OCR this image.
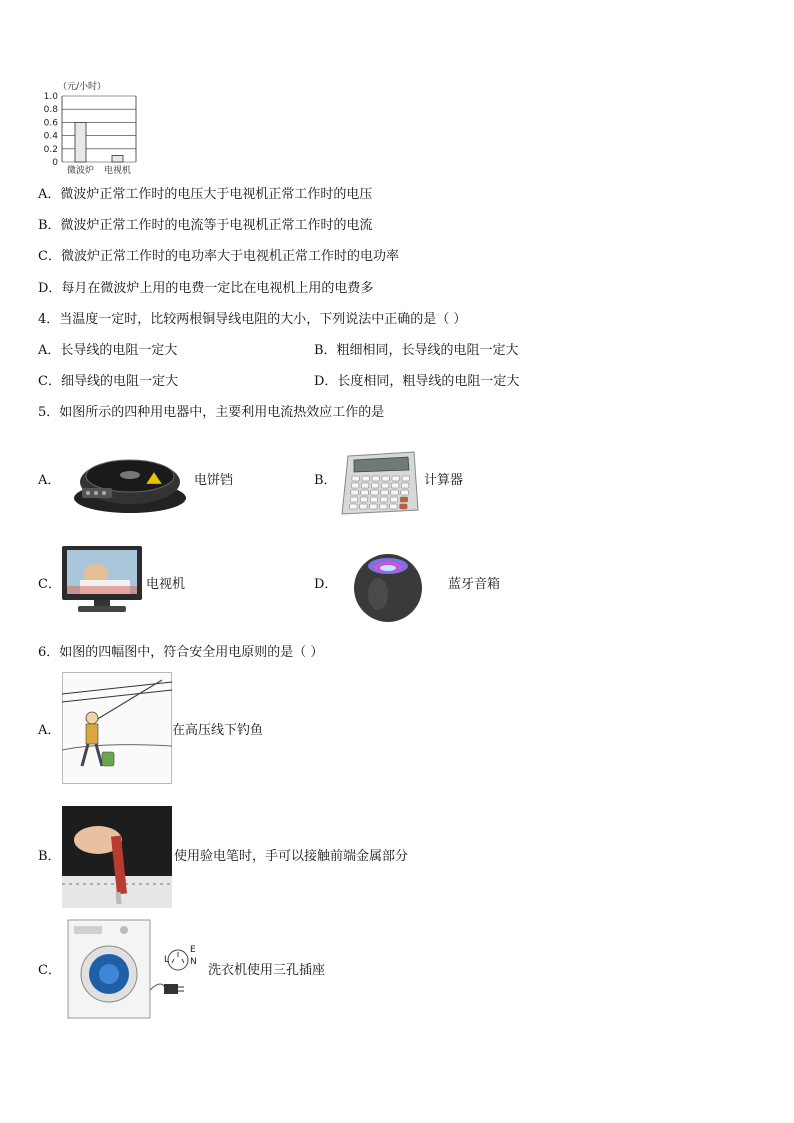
（元/小时）
0
0.2
0.4
0.6
0.8
1.0
微波炉 电视机
A．微波炉正常工作时的电压大于电视机正常工作时的电压
B．微波炉正常工作时的电流等于电视机正常工作时的电流
C．微波炉正常工作时的电功率大于电视机正常工作时的电功率
D．每月在微波炉上用的电费一定比在电视机上用的电费多
4．当温度一定时，比较两根铜导线电阻的大小，下列说法中正确的是（ ）
A．长导线的电阻一定大	B．粗细相同，长导线的电阻一定大
C．细导线的电阻一定大	D．长度相同，粗导线的电阻一定大
5．如图所示的四种用电器中，主要利用电流热效应工作的是
A．	电饼铛	B．	计算器
C．	电视机	D．	蓝牙音箱
6．如图的四幅图中，符合安全用电原则的是（ ）
A．	在高压线下钓鱼
B．	使用验电笔时，手可以接触前端金属部分
C．
L
E
N
洗衣机使用三孔插座
